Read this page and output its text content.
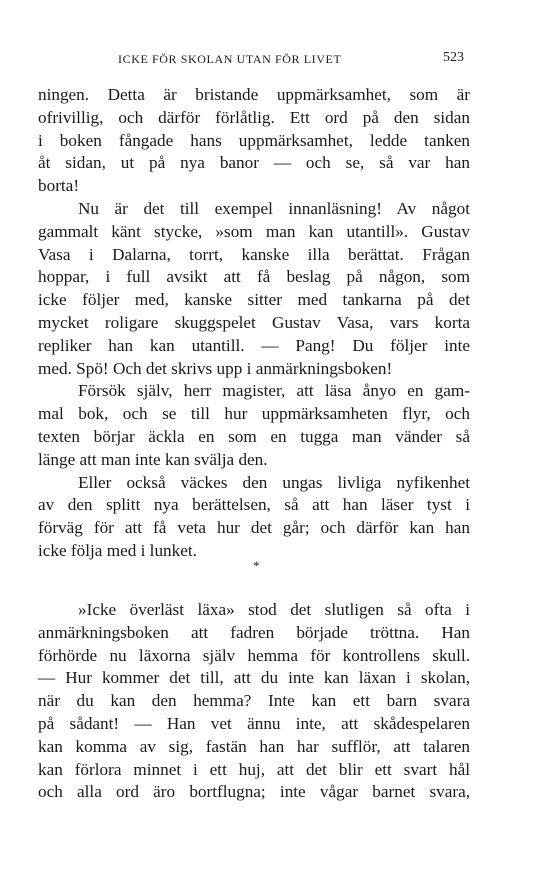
ICKE FÖR SKOLAN UTAN FÖR LIVET	523
ningen. Detta är bristande uppmärksamhet, som är
ofrivillig, och därför förlåtlig. Ett ord på den sidan
i boken fångade hans uppmärksamhet, ledde tanken
åt sidan, ut på nya banor — och se, så var han
borta!
Nu är det till exempel innanläsning! Av något
gammalt känt stycke, »som man kan utantill». Gustav
Vasa i Dalarna, torrt, kanske illa berättat. Frågan
hoppar, i full avsikt att få beslag på någon, som
icke följer med, kanske sitter med tankarna på det
mycket roligare skuggspelet Gustav Vasa, vars korta
repliker han kan utantill. — Pang! Du följer inte
med. Spö! Och det skrivs upp i anmärkningsboken!
Försök själv, herr magister, att läsa ånyo en gam-
mal bok, och se till hur uppmärksamheten flyr, och
texten börjar äckla en som en tugga man vänder så
länge att man inte kan svälja den.
Eller också väckes den ungas livliga nyfikenhet
av den splitt nya berättelsen, så att han läser tyst i
förväg för att få veta hur det går; och därför kan han
icke följa med i lunket.
*
»Icke överläst läxa» stod det slutligen så ofta i
anmärkningsboken att fadren började tröttna. Han
förhörde nu läxorna själv hemma för kontrollens skull.
— Hur kommer det till, att du inte kan läxan i skolan,
när du kan den hemma? Inte kan ett barn svara
på sådant! — Han vet ännu inte, att skådespelaren
kan komma av sig, fastän han har sufflör, att talaren
kan förlora minnet i ett huj, att det blir ett svart hål
och alla ord äro bortflugna; inte vågar barnet svara,
